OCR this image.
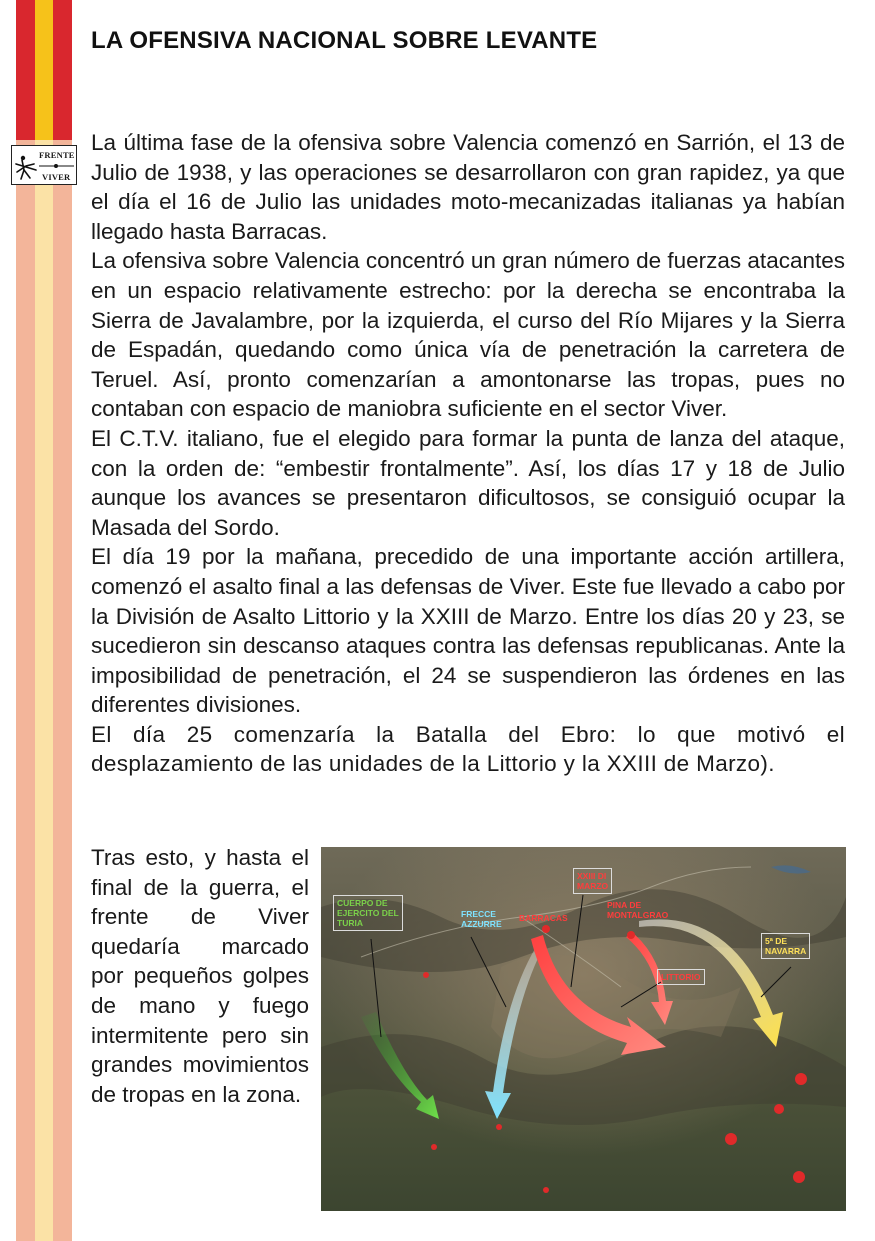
FRENTE
VIVER
LA OFENSIVA NACIONAL SOBRE LEVANTE

La última fase de la ofensiva sobre Valencia comenzó en Sarrión, el 13 de Julio de 1938, y las operaciones se desarrollaron con gran rapidez, ya que el día el 16 de Julio las unidades moto-mecanizadas italianas ya habían llegado hasta Barracas.

La ofensiva sobre Valencia concentró un gran número de fuerzas atacantes en un espacio relativamente estrecho: por la derecha se encontraba la Sierra de Javalambre, por la izquierda, el curso del Río Mijares y la Sierra de Espadán, quedando como única vía de penetración la carretera de Teruel. Así, pronto comenzarían a amontonarse las tropas, pues no contaban con espacio de maniobra suficiente en el sector Viver.

El C.T.V. italiano, fue el elegido para formar la punta de lanza del ataque, con la orden de: “embestir frontalmente”. Así, los días 17 y 18 de Julio aunque los avances se presentaron dificultosos, se consiguió ocupar la Masada del Sordo.

El día 19 por la mañana, precedido de una importante acción artillera, comenzó el asalto final a las defensas de Viver. Este fue llevado a cabo por la División de Asalto Littorio y la XXIII de Marzo. Entre los días 20 y 23, se sucedieron sin descanso ataques contra las defensas republicanas. Ante la imposibilidad de penetración, el 24 se suspendieron las órdenes en las diferentes divisiones.

El día 25 comenzaría la Batalla del Ebro: lo que motivó el desplazamiento de las unidades de la Littorio y la XXIII de Marzo).

Tras esto, y hasta el final de la guerra, el frente de Viver quedaría marcado por pequeños golpes de mano y fuego intermitente pero sin grandes movimientos de tropas en la zona.
CUERPO DE
EJERCITO DEL
TURIA
FRECCE
AZZURRE
XXIII DI
MARZO
PINA DE
MONTALGRAO
BARRACAS
LITTORIO
5ª DE
NAVARRA
